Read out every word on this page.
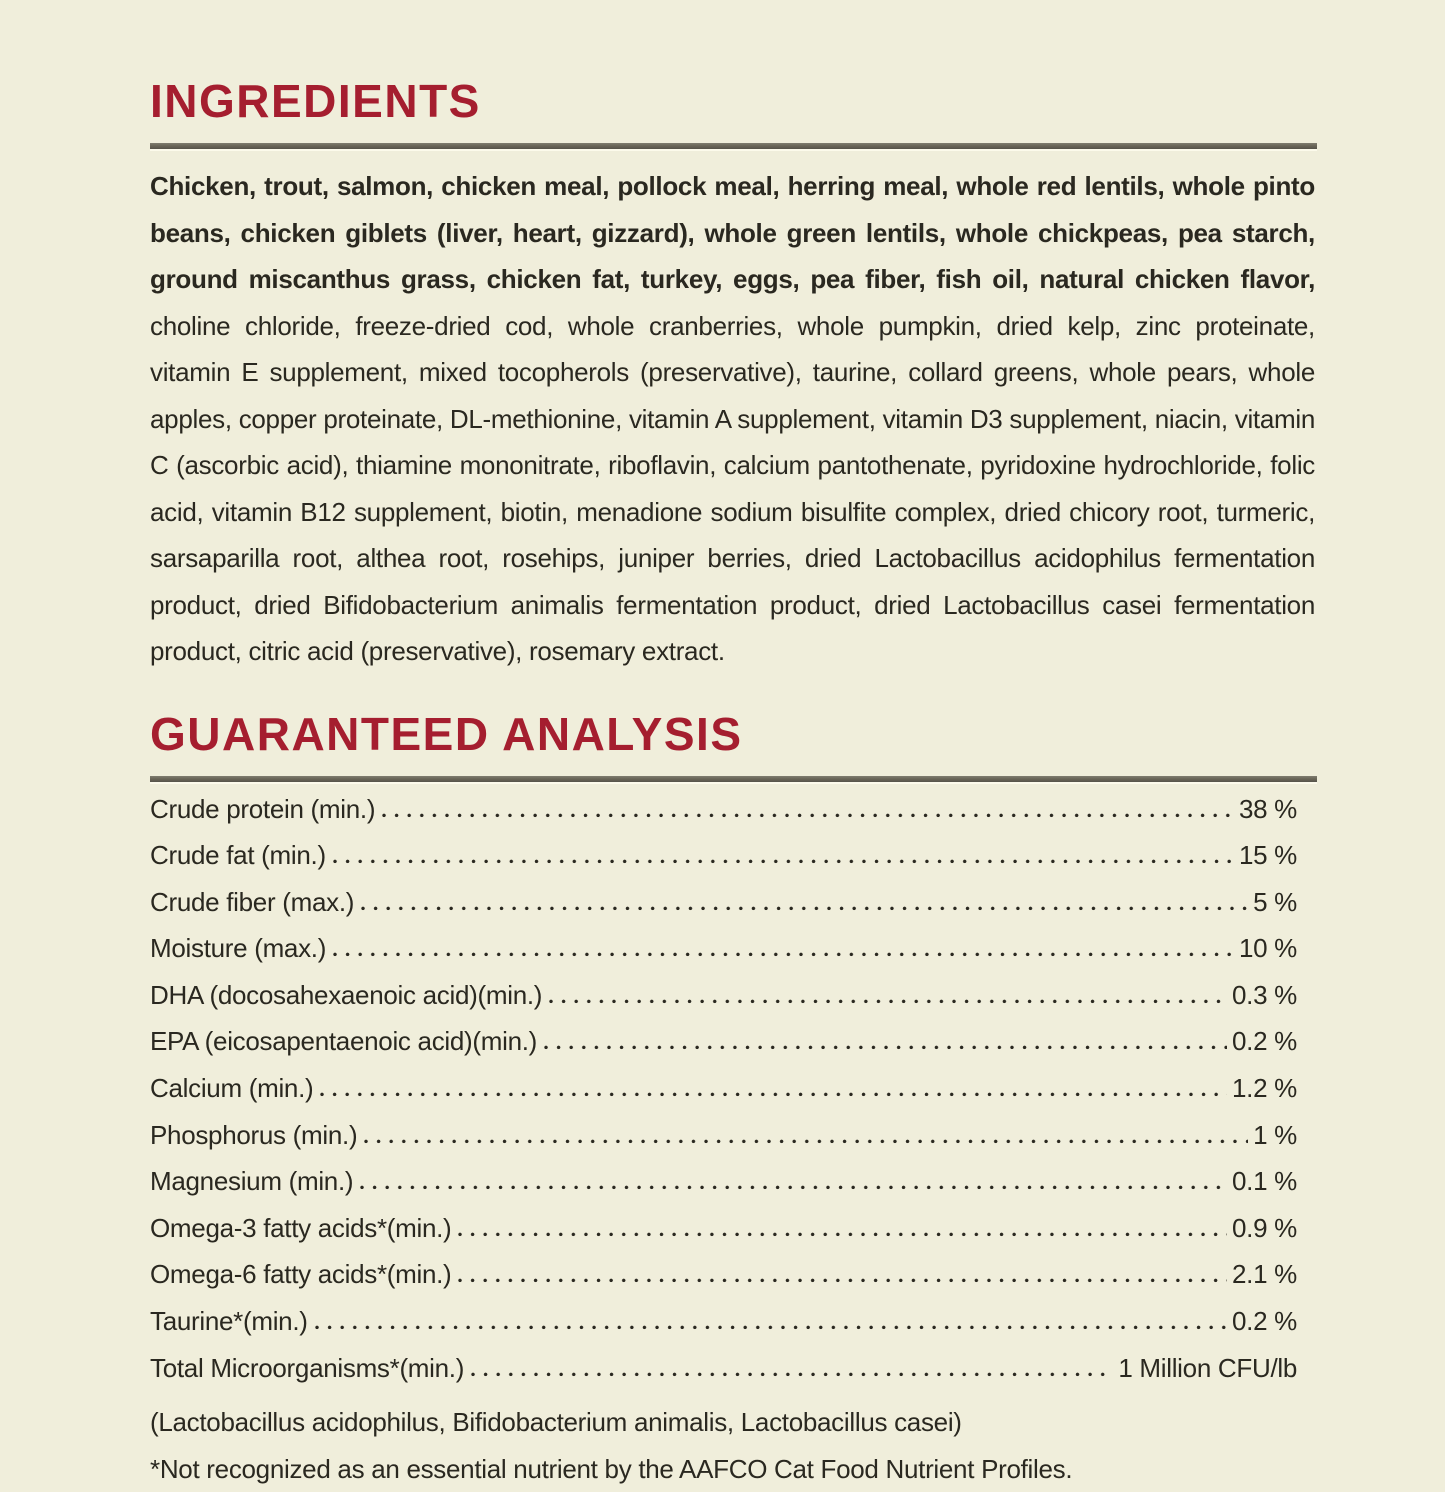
INGREDIENTS

Chicken, trout, salmon, chicken meal, pollock meal, herring meal, whole red lentils, whole pinto beans, chicken giblets (liver, heart, gizzard), whole green lentils, whole chickpeas, pea starch, ground miscanthus grass, chicken fat, turkey, eggs, pea fiber, fish oil, natural chicken flavor, choline chloride, freeze-dried cod, whole cranberries, whole pumpkin, dried kelp, zinc proteinate, vitamin E supplement, mixed tocopherols (preservative), taurine, collard greens, whole pears, whole apples, copper proteinate, DL-methionine, vitamin A supplement, vitamin D3 supplement, niacin, vitamin C (ascorbic acid), thiamine mononitrate, riboflavin, calcium pantothenate, pyridoxine hydrochloride, folic acid, vitamin B12 supplement, biotin, menadione sodium bisulfite complex, dried chicory root, turmeric, sarsaparilla root, althea root, rosehips, juniper berries, dried Lactobacillus acidophilus fermentation product, dried Bifidobacterium animalis fermentation product, dried Lactobacillus casei fermentation product, citric acid (preservative), rosemary extract.

GUARANTEED ANALYSIS
Crude protein (min.)	38 %
Crude fat (min.)	15 %
Crude fiber (max.)	5 %
Moisture (max.)	10 %
DHA (docosahexaenoic acid)(min.)	0.3 %
EPA (eicosapentaenoic acid)(min.)	0.2 %
Calcium (min.)	1.2 %
Phosphorus (min.)	1 %
Magnesium (min.)	0.1 %
Omega-3 fatty acids*(min.)	0.9 %
Omega-6 fatty acids*(min.)	2.1 %
Taurine*(min.)	0.2 %
Total Microorganisms*(min.)	1 Million CFU/lb
(Lactobacillus acidophilus, Bifidobacterium animalis, Lactobacillus casei)
*Not recognized as an essential nutrient by the AAFCO Cat Food Nutrient Profiles.
